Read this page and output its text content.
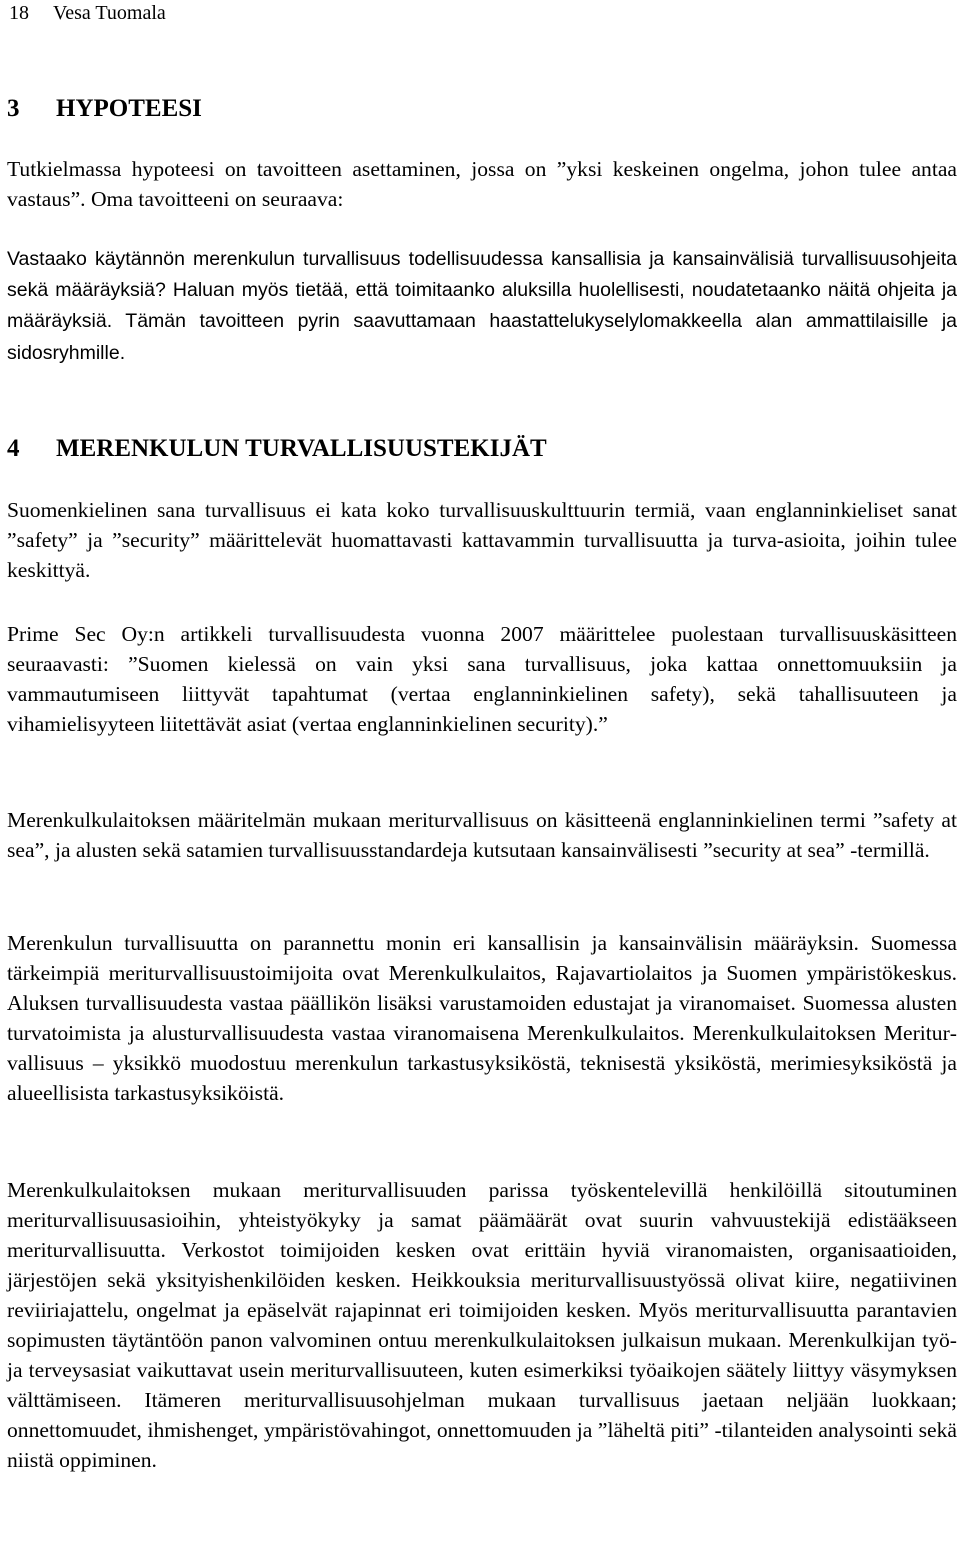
18 Vesa Tuomala
3 HYPOTEESI

Tutkielmassa hypoteesi on tavoitteen asettaminen, jossa on ”yksi keskeinen ongelma, johon tulee antaa vastaus”. Oma tavoitteeni on seuraava:

Vastaako käytännön merenkulun turvallisuus todellisuudessa kansallisia ja kansainvälisiä turvallisuusohjeita sekä määräyksiä? Haluan myös tietää, että toimitaanko aluksilla huolellisesti, noudatetaanko näitä ohjeita ja määräyksiä. Tämän tavoitteen pyrin saavuttamaan haastattelukyselylomakkeella alan ammattilaisille ja sidosryhmille.

4 MERENKULUN TURVALLISUUSTEKIJÄT

Suomenkielinen sana turvallisuus ei kata koko turvallisuuskulttuurin termiä, vaan englanninkieliset sanat ”safety” ja ”security” määrittelevät huomattavasti kattavammin turvallisuutta ja turva-asioita, joihin tulee keskittyä.

Prime Sec Oy:n artikkeli turvallisuudesta vuonna 2007 määrittelee puolestaan turvallisuuskäsitteen seuraavasti: ”Suomen kielessä on vain yksi sana turvallisuus, joka kattaa onnettomuuksiin ja vammautumiseen liittyvät tapahtumat (vertaa englanninkielinen safety), sekä tahallisuuteen ja vihamielisyyteen liitettävät asiat (vertaa englanninkielinen security).”

Merenkulkulaitoksen määritelmän mukaan meriturvallisuus on käsitteenä englanninkielinen termi ”safety at sea”, ja alusten sekä satamien turvallisuusstandardeja kutsutaan kansainvälisesti ”security at sea” -termillä.

Merenkulun turvallisuutta on parannettu monin eri kansallisin ja kansainvälisin määräyksin. Suomessa tärkeimpiä meriturvallisuustoimijoita ovat Merenkulkulaitos, Rajavartiolaitos ja Suomen ympäristökeskus. Aluksen turvallisuudesta vastaa päällikön lisäksi varustamoiden edustajat ja viranomaiset. Suomessa alusten turvatoimista ja alusturvallisuudesta vastaa viranomaisena Merenkulkulaitos. Merenkulkulaitoksen Meriturvallisuus – yksikkö muodostuu merenkulun tarkastusyksiköstä, teknisestä yksiköstä, merimiesyksiköstä ja alueellisista tarkastusyksiköistä.

Merenkulkulaitoksen mukaan meriturvallisuuden parissa työskentelevillä henkilöillä sitoutuminen meriturvallisuusasioihin, yhteistyökyky ja samat päämäärät ovat suurin vahvuustekijä edistääkseen meriturvallisuutta. Verkostot toimijoiden kesken ovat erittäin hyviä viranomaisten, organisaatioiden, järjestöjen sekä yksityishenkilöiden kesken. Heikkouksia meriturvallisuustyössä olivat kiire, negatiivinen reviiriajattelu, ongelmat ja epäselvät rajapinnat eri toimijoiden kesken. Myös meriturvallisuutta parantavien sopimusten täytäntöön panon valvominen ontuu merenkulkulaitoksen julkaisun mukaan. Merenkulkijan työ- ja terveysasiat vaikuttavat usein meriturvallisuuteen, kuten esimerkiksi työaikojen säätely liittyy väsymyksen välttämiseen. Itämeren meriturvallisuusohjelman mukaan turvallisuus jaetaan neljään luokkaan; onnettomuudet, ihmishenget, ympäristövahingot, onnettomuuden ja ”läheltä piti” -tilanteiden analysointi sekä niistä oppiminen.
